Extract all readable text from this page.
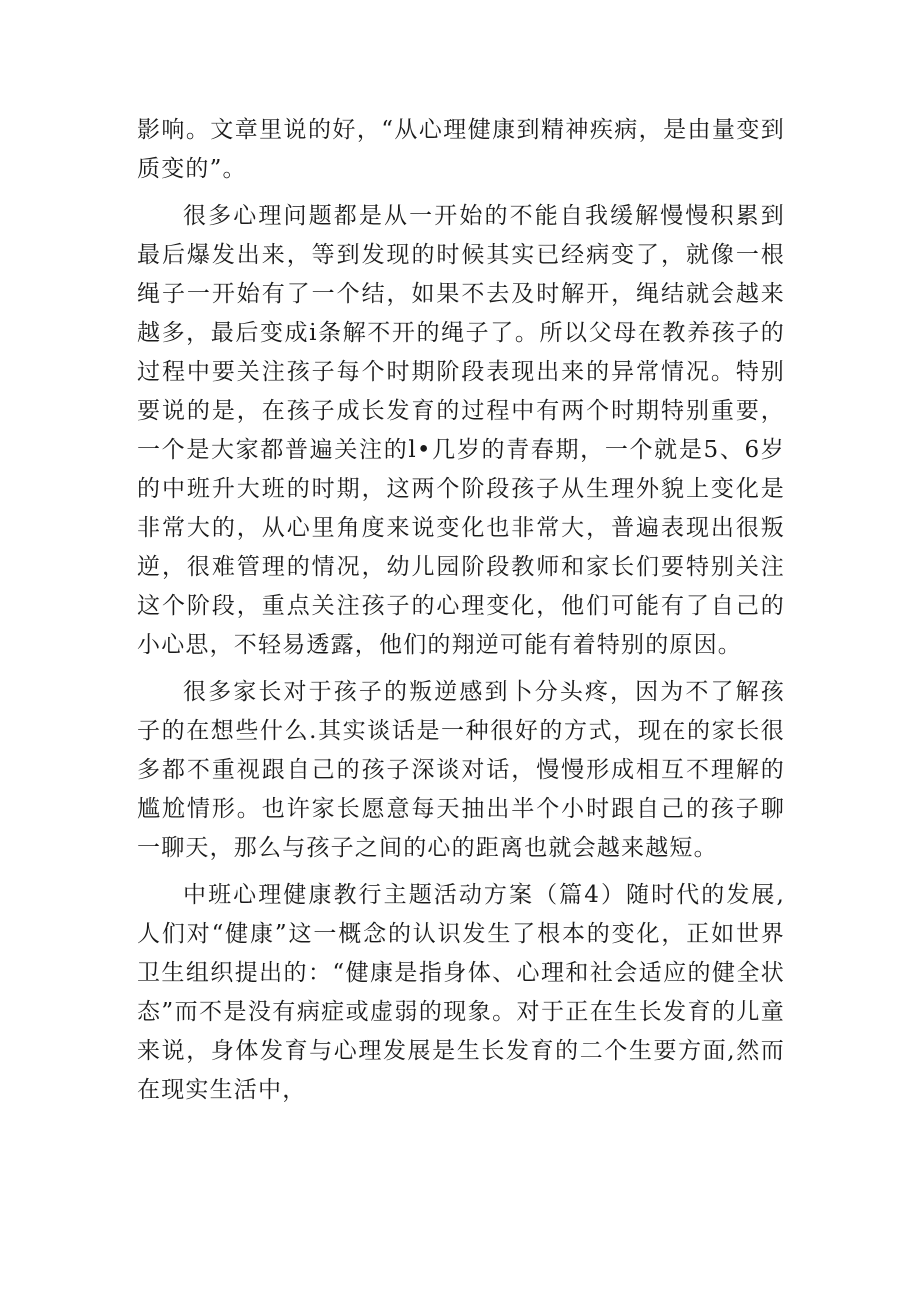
影响。文章里说的好，“从心理健康到精神疾病，是由量变到质变的”。

很多心理问题都是从一开始的不能自我缓解慢慢积累到最后爆发出来，等到发现的时候其实已经病变了，就像一根绳子一开始有了一个结，如果不去及时解开，绳结就会越来越多，最后变成i条解不开的绳子了。所以父母在教养孩子的过程中要关注孩子每个时期阶段表现出来的异常情况。特别要说的是，在孩子成长发育的过程中有两个时期特别重要，一个是大家都普遍关注的l•几岁的青春期，一个就是5、6岁的中班升大班的时期，这两个阶段孩子从生理外貌上变化是非常大的，从心里角度来说变化也非常大，普遍表现出很叛逆，很难管理的情况，幼儿园阶段教师和家长们要特别关注这个阶段，重点关注孩子的心理变化，他们可能有了自己的小心思，不轻易透露，他们的翔逆可能有着特别的原因。

很多家长对于孩子的叛逆感到卜分头疼，因为不了解孩子的在想些什么.其实谈话是一种很好的方式，现在的家长很多都不重视跟自己的孩子深谈对话，慢慢形成相互不理解的尴尬情形。也许家长愿意每天抽出半个小时跟自己的孩子聊一聊天，那么与孩子之间的心的距离也就会越来越短。

中班心理健康教行主题活动方案（篇4）随时代的发展,人们对“健康”这一概念的认识发生了根本的变化，正如世界卫生组织提出的：“健康是指身体、心理和社会适应的健全状态”而不是没有病症或虚弱的现象。对于正在生长发育的儿童来说，身体发育与心理发展是生长发育的二个生要方面,然而在现实生活中，
